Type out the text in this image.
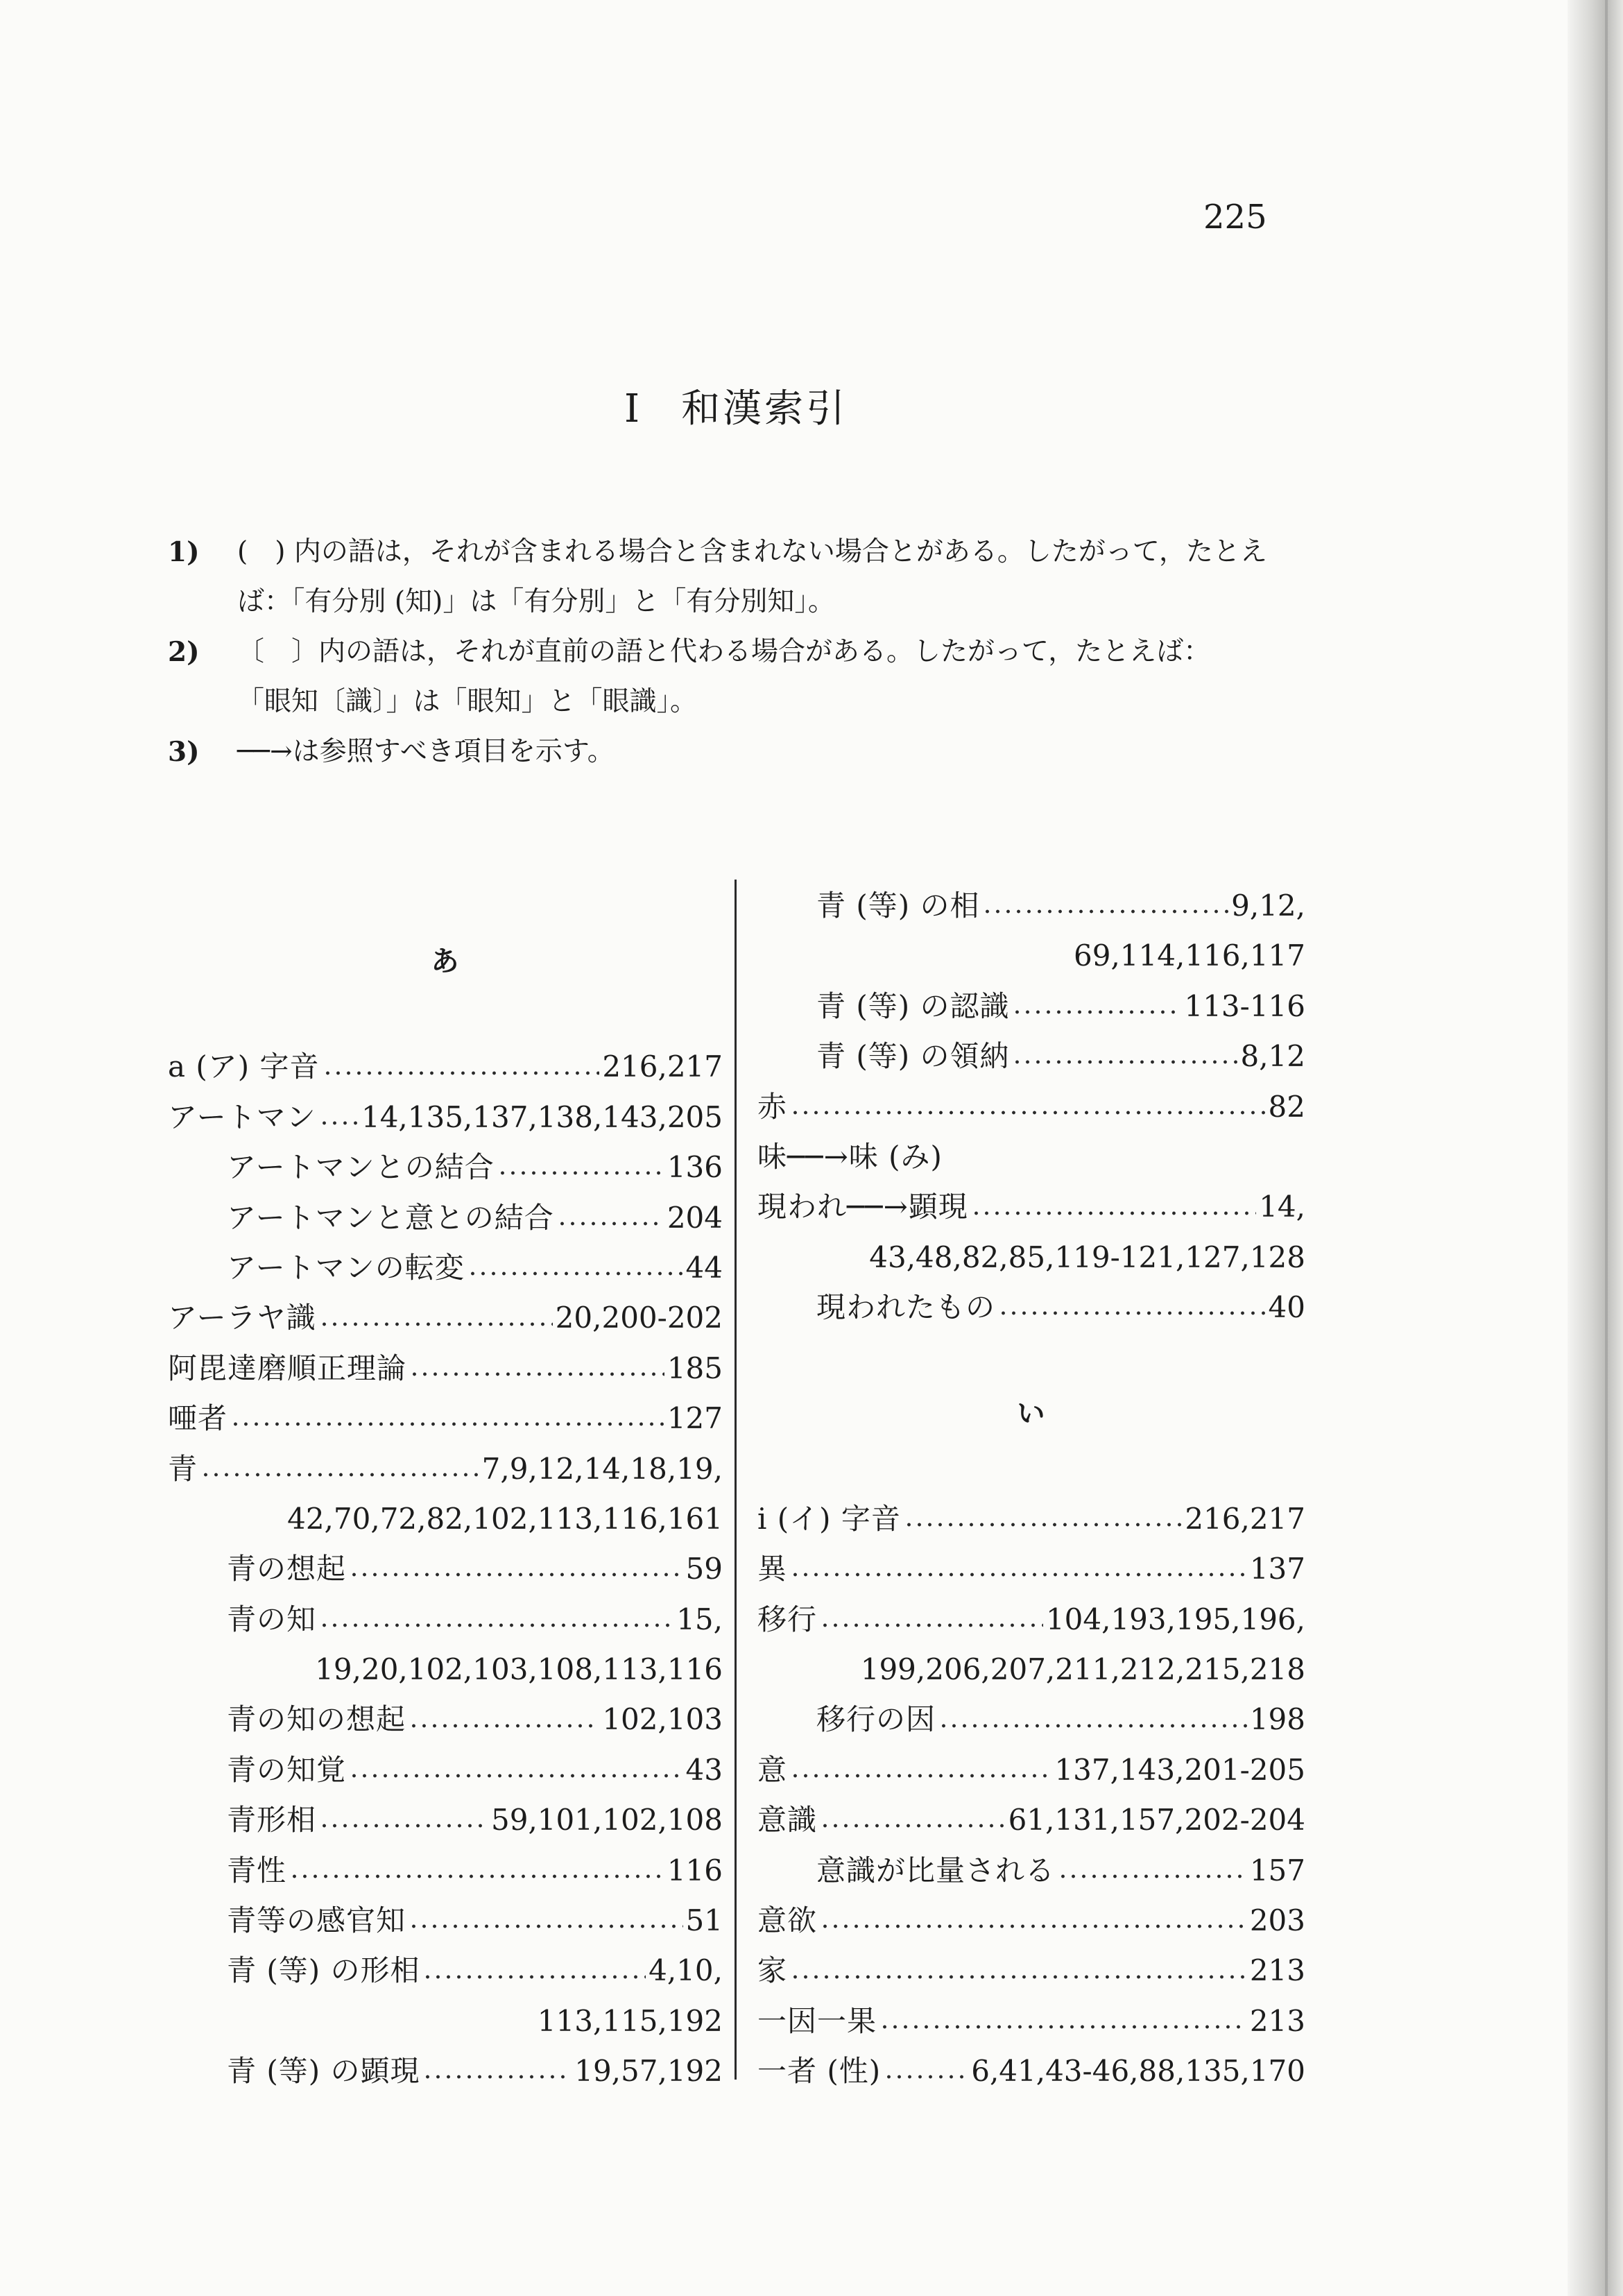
225
I 和漢索引
1) (　) 内の語は，それが含まれる場合と含まれない場合とがある。したがって，たとえ
ば：「有分別 (知)」は「有分別」と「有分別知」。
2) 〔　〕内の語は，それが直前の語と代わる場合がある。したがって，たとえば：
「眼知〔識〕」は「眼知」と「眼識」。
3) ──→は参照すべき項目を示す。
あ
a (ア) 字音	216,217
アートマン 14,135,137,138,143,205
アートマンとの結合	136
アートマンと意との結合	204
アートマンの転変	44
アーラヤ識	20,200-202
阿毘達磨順正理論	185
唖者	127
青	7,9,12,14,18,19,
42,70,72,82,102,113,116,161
青の想起	59
青の知	15,
19,20,102,103,108,113,116
青の知の想起	102,103
青の知覚	43
青形相	59,101,102,108
青性	116
青等の感官知	51
青 (等) の形相	4,10,
113,115,192
青 (等) の顕現	19,57,192
青 (等) の相	9,12,
69,114,116,117
青 (等) の認識	113-116
青 (等) の領納	8,12
赤	82
味──→味 (み)
現われ──→顕現	14,
43,48,82,85,119-121,127,128
現われたもの	40
い
i (イ) 字音	216,217
異	137
移行	104,193,195,196,
199,206,207,211,212,215,218
移行の因	198
意	137,143,201-205
意識	61,131,157,202-204
意識が比量される	157
意欲	203
家	213
一因一果	213
一者 (性)	6,41,43-46,88,135,170
